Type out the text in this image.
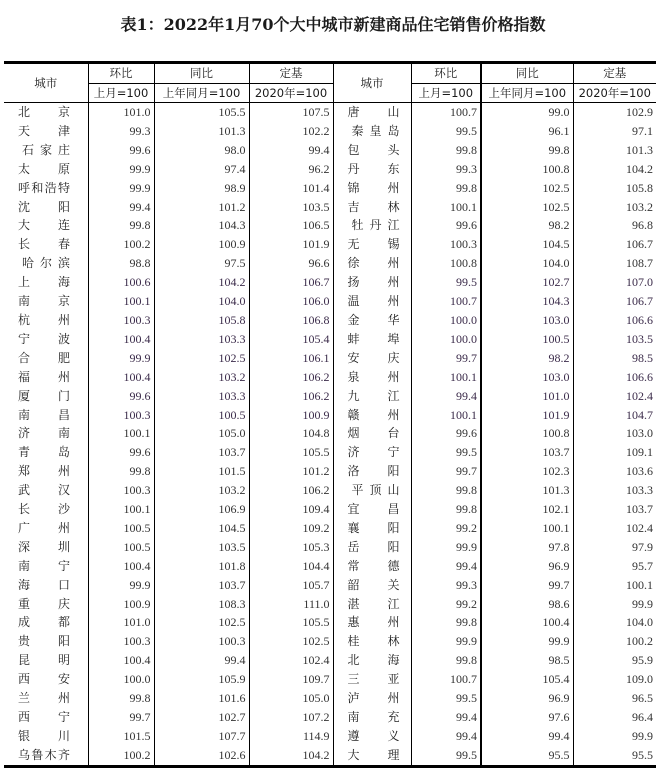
表1：2022年1月70个大中城市新建商品住宅销售价格指数
城市	环比	同比	定基	城市	环比	同比	定基
	上月=100	上年同月=100	2020年=100		上月=100	上年同月=100	2020年=100
北京	101.0	105.5	107.5	唐山	100.7	99.0	102.9
天津	99.3	101.3	102.2	秦皇岛	99.5	96.1	97.1
石家庄	99.6	98.0	99.4	包头	99.8	99.8	101.3
太原	99.9	97.4	96.2	丹东	99.3	100.8	104.2
呼和浩特	99.9	98.9	101.4	锦州	99.8	102.5	105.8
沈阳	99.4	101.2	103.5	吉林	100.1	102.5	103.2
大连	99.8	104.3	106.5	牡丹江	99.6	98.2	96.8
长春	100.2	100.9	101.9	无锡	100.3	104.5	106.7
哈尔滨	98.8	97.5	96.6	徐州	100.8	104.0	108.7
上海	100.6	104.2	106.7	扬州	99.5	102.7	107.0
南京	100.1	104.0	106.0	温州	100.7	104.3	106.7
杭州	100.3	105.8	106.8	金华	100.0	103.0	106.6
宁波	100.4	103.3	105.4	蚌埠	100.0	100.5	103.5
合肥	99.9	102.5	106.1	安庆	99.7	98.2	98.5
福州	100.4	103.2	106.2	泉州	100.1	103.0	106.6
厦门	99.6	103.3	106.2	九江	99.4	101.0	102.4
南昌	100.3	100.5	100.9	赣州	100.1	101.9	104.7
济南	100.1	105.0	104.8	烟台	99.6	100.8	103.0
青岛	99.6	103.7	105.5	济宁	99.5	103.7	109.1
郑州	99.8	101.5	101.2	洛阳	99.7	102.3	103.6
武汉	100.3	103.2	106.2	平顶山	99.8	101.3	103.3
长沙	100.1	106.9	109.4	宜昌	99.8	102.1	103.7
广州	100.5	104.5	109.2	襄阳	99.2	100.1	102.4
深圳	100.5	103.5	105.3	岳阳	99.9	97.8	97.9
南宁	100.4	101.8	104.4	常德	99.4	96.9	95.7
海口	99.9	103.7	105.7	韶关	99.3	99.7	100.1
重庆	100.9	108.3	111.0	湛江	99.2	98.6	99.9
成都	101.0	102.5	105.5	惠州	99.8	100.4	104.0
贵阳	100.3	100.3	102.5	桂林	99.9	99.9	100.2
昆明	100.4	99.4	102.4	北海	99.8	98.5	95.9
西安	100.0	105.9	109.7	三亚	100.7	105.4	109.0
兰州	99.8	101.6	105.0	泸州	99.5	96.9	96.5
西宁	99.7	102.7	107.2	南充	99.4	97.6	96.4
银川	101.5	107.7	114.9	遵义	99.4	99.4	99.9
乌鲁木齐	100.2	102.6	104.2	大理	99.5	95.5	95.5
